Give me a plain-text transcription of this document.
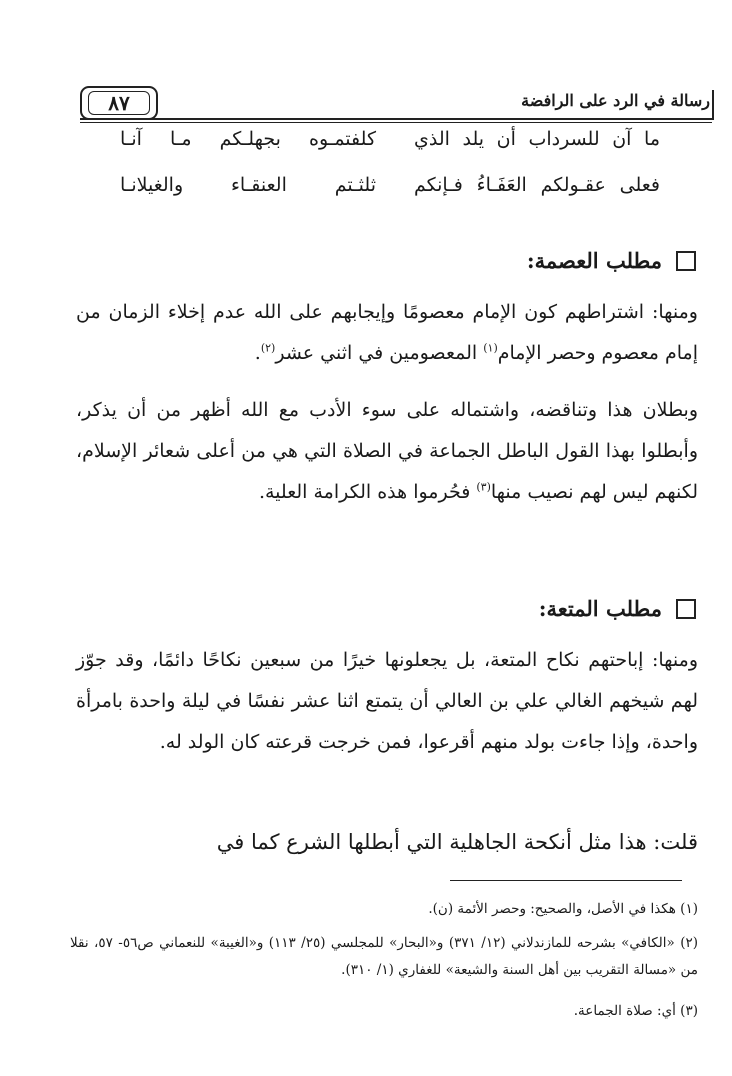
٨٧	رسالة في الرد على الرافضة
ما آن للسرداب أن يلد الذي
كلفتمـوه بجهلـكم مـا آنـا
فعلى عقـولكم العَفَـاءُ فـإنكم
ثلثـتم العنقـاء والغيلانـا
مطلب العصمة:
ومنها: اشتراطهم كون الإمام معصومًا وإيجابهم على الله عدم إخلاء الزمان من إمام معصوم وحصر الإمام$^{(١)}$ المعصومين في اثني عشر$^{(٢)}$.
وبطلان هذا وتناقضه، واشتماله على سوء الأدب مع الله أظهر من أن يذكر، وأبطلوا بهذا القول الباطل الجماعة في الصلاة التي هي من أعلى شعائر الإسلام، لكنهم ليس لهم نصيب منها$^{(٣)}$ فحُرموا هذه الكرامة العلية.
مطلب المتعة:
ومنها: إباحتهم نكاح المتعة، بل يجعلونها خيرًا من سبعين نكاحًا دائمًا، وقد جوّز لهم شيخهم الغالي علي بن العالي أن يتمتع اثنا عشر نفسًا في ليلة واحدة بامرأة واحدة، وإذا جاءت بولد منهم أقرعوا، فمن خرجت قرعته كان الولد له.
قلت: هذا مثل أنكحة الجاهلية التي أبطلها الشرع كما في
(١) هكذا في الأصل، والصحيح: وحصر الأئمة (ن).
(٢) «الكافي» بشرحه للمازندلاني (١٢/ ٣٧١) و«البحار» للمجلسي (٢٥/ ١١٣) و«الغيبة» للنعماني ص٥٦- ٥٧، نقلا من «مسالة التقريب بين أهل السنة والشيعة» للغفاري (١/ ٣١٠).
(٣) أي: صلاة الجماعة.
